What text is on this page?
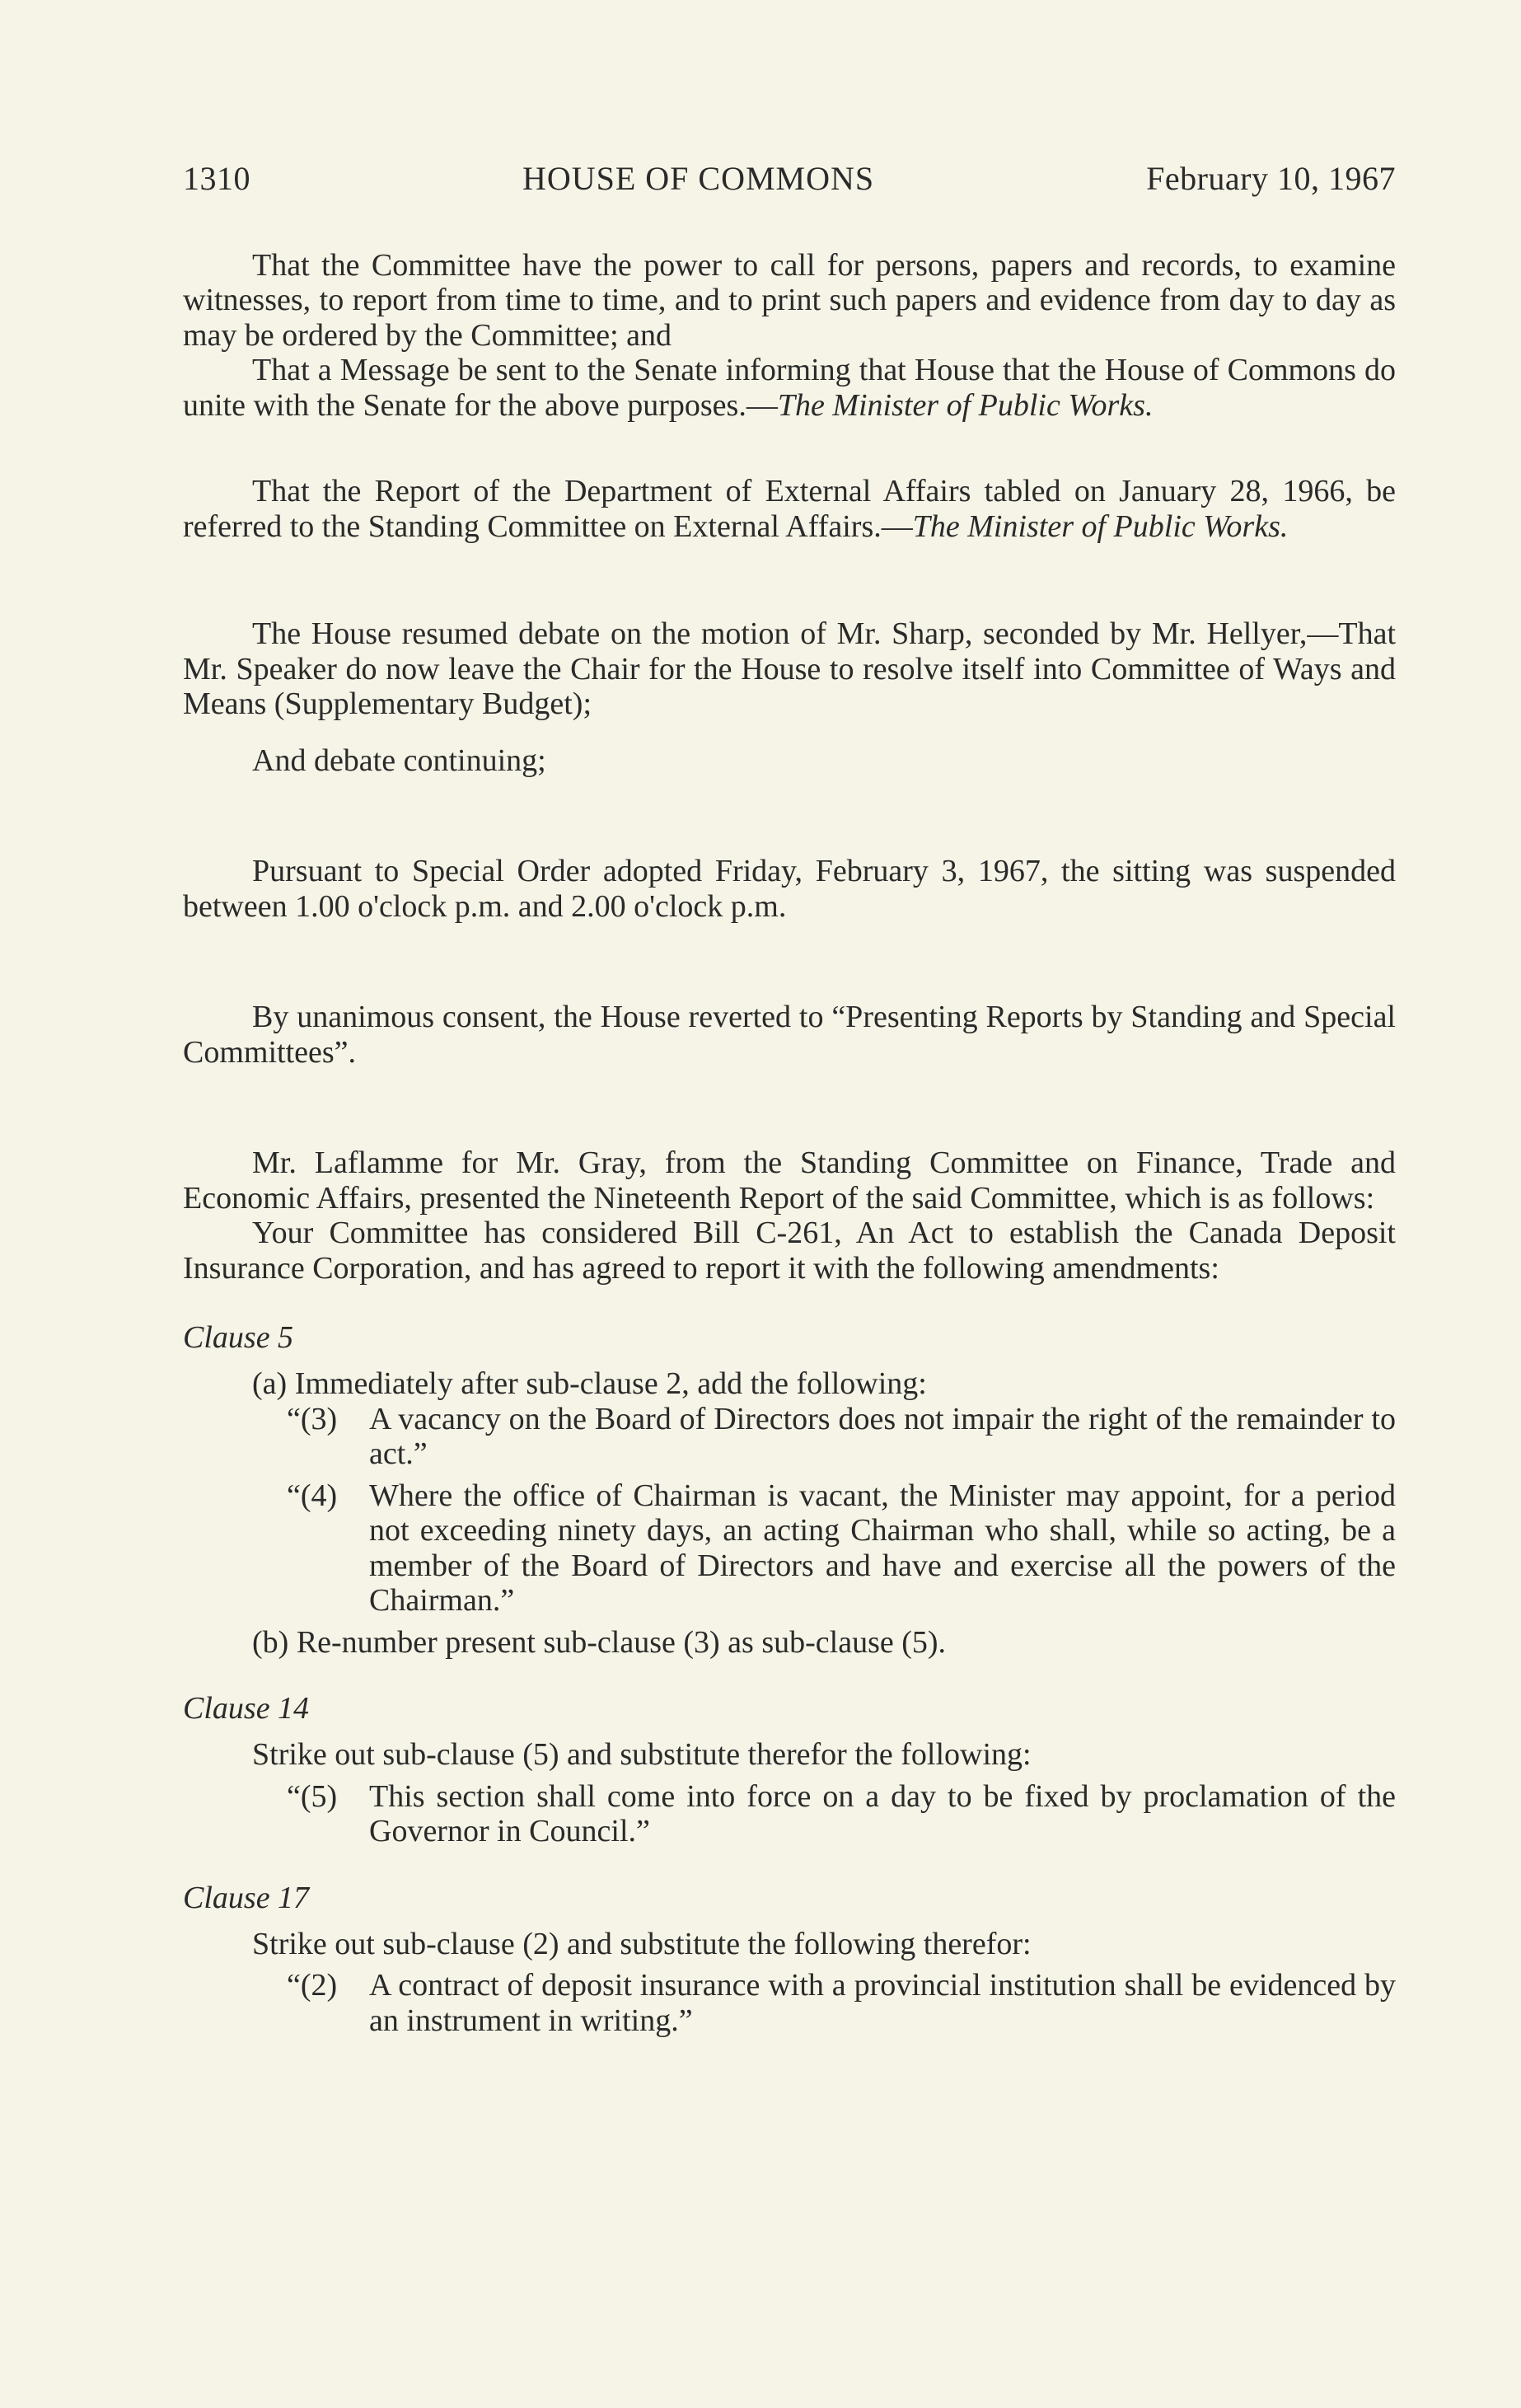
1310	HOUSE OF COMMONS	February 10, 1967

That the Committee have the power to call for persons, papers and records, to examine witnesses, to report from time to time, and to print such papers and evidence from day to day as may be ordered by the Committee; and

That a Message be sent to the Senate informing that House that the House of Commons do unite with the Senate for the above purposes.—The Minister of Public Works.

That the Report of the Department of External Affairs tabled on January 28, 1966, be referred to the Standing Committee on External Affairs.—The Minister of Public Works.

The House resumed debate on the motion of Mr. Sharp, seconded by Mr. Hellyer,—That Mr. Speaker do now leave the Chair for the House to resolve itself into Committee of Ways and Means (Supplementary Budget);

And debate continuing;

Pursuant to Special Order adopted Friday, February 3, 1967, the sitting was suspended between 1.00 o'clock p.m. and 2.00 o'clock p.m.

By unanimous consent, the House reverted to “Presenting Reports by Standing and Special Committees”.

Mr. Laflamme for Mr. Gray, from the Standing Committee on Finance, Trade and Economic Affairs, presented the Nineteenth Report of the said Committee, which is as follows:

Your Committee has considered Bill C-261, An Act to establish the Canada Deposit Insurance Corporation, and has agreed to report it with the following amendments:

Clause 5

(a) Immediately after sub-clause 2, add the following:
“(3)	A vacancy on the Board of Directors does not impair the right of the remainder to act.”
“(4)	Where the office of Chairman is vacant, the Minister may appoint, for a period not exceeding ninety days, an acting Chairman who shall, while so acting, be a member of the Board of Directors and have and exercise all the powers of the Chairman.”
(b) Re-number present sub-clause (3) as sub-clause (5).

Clause 14

Strike out sub-clause (5) and substitute therefor the following:
“(5)	This section shall come into force on a day to be fixed by proclamation of the Governor in Council.”

Clause 17

Strike out sub-clause (2) and substitute the following therefor:
“(2)	A contract of deposit insurance with a provincial institution shall be evidenced by an instrument in writing.”
